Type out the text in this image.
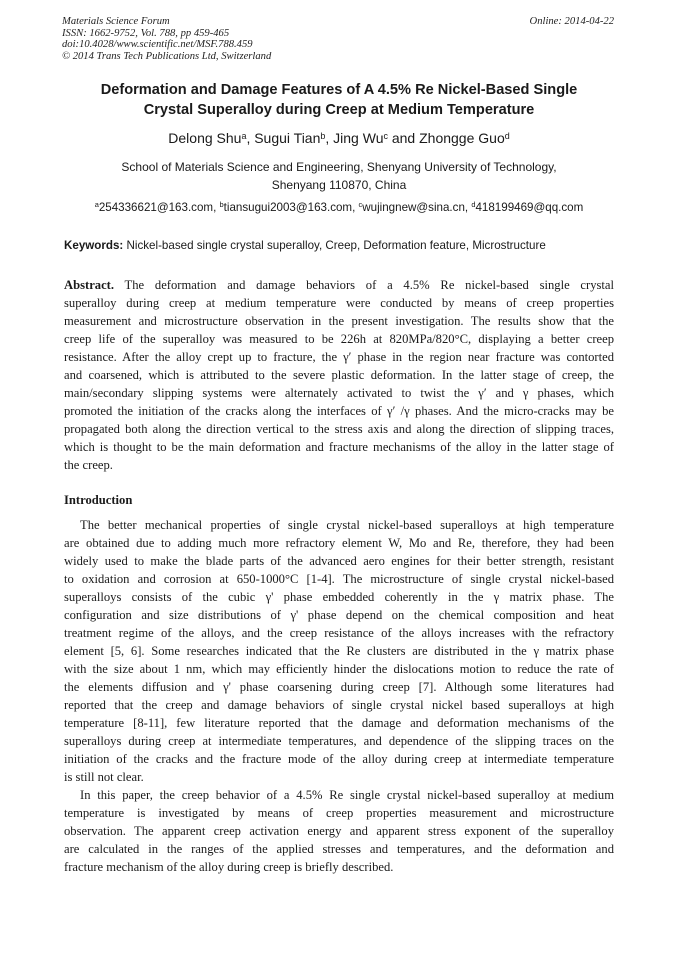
Materials Science Forum
ISSN: 1662-9752, Vol. 788, pp 459-465
doi:10.4028/www.scientific.net/MSF.788.459
© 2014 Trans Tech Publications Ltd, Switzerland
Online: 2014-04-22
Deformation and Damage Features of A 4.5% Re Nickel-Based Single
Crystal Superalloy during Creep at Medium Temperature
Delong Shu$^a$, Sugui Tian$^b$, Jing Wu$^c$ and Zhongge Guo$^d$
School of Materials Science and Engineering, Shenyang University of Technology,
Shenyang 110870, China
$^a$254336621@163.com, $^b$tiansugui2003@163.com, $^c$wujingnew@sina.cn, $^d$418199469@qq.com
Keywords: Nickel-based single crystal superalloy, Creep, Deformation feature, Microstructure
Abstract. The deformation and damage behaviors of a 4.5% Re nickel-based single crystal
superalloy during creep at medium temperature were conducted by means of creep properties
measurement and microstructure observation in the present investigation. The results show that the
creep life of the superalloy was measured to be 226h at 820MPa/820°C, displaying a better creep
resistance. After the alloy crept up to fracture, the γ′ phase in the region near fracture was contorted
and coarsened, which is attributed to the severe plastic deformation. In the latter stage of creep, the
main/secondary slipping systems were alternately activated to twist the γ′ and γ phases, which
promoted the initiation of the cracks along the interfaces of γ′ /γ phases. And the micro-cracks may be
propagated both along the direction vertical to the stress axis and along the direction of slipping traces,
which is thought to be the main deformation and fracture mechanisms of the alloy in the latter stage of
the creep.
Introduction
The better mechanical properties of single crystal nickel-based superalloys at high temperature
are obtained due to adding much more refractory element W, Mo and Re, therefore, they had been
widely used to make the blade parts of the advanced aero engines for their better strength, resistant
to oxidation and corrosion at 650-1000°C [1-4]. The microstructure of single crystal nickel-based
superalloys consists of the cubic γ' phase embedded coherently in the γ matrix phase. The
configuration and size distributions of γ' phase depend on the chemical composition and heat
treatment regime of the alloys, and the creep resistance of the alloys increases with the refractory
element [5, 6]. Some researches indicated that the Re clusters are distributed in the γ matrix phase
with the size about 1 nm, which may efficiently hinder the dislocations motion to reduce the rate of
the elements diffusion and γ' phase coarsening during creep [7]. Although some literatures had
reported that the creep and damage behaviors of single crystal nickel based superalloys at high
temperature [8-11], few literature reported that the damage and deformation mechanisms of the
superalloys during creep at intermediate temperatures, and dependence of the slipping traces on the
initiation of the cracks and the fracture mode of the alloy during creep at intermediate temperature
is still not clear.
In this paper, the creep behavior of a 4.5% Re single crystal nickel-based superalloy at medium
temperature is investigated by means of creep properties measurement and microstructure
observation. The apparent creep activation energy and apparent stress exponent of the superalloy
are calculated in the ranges of the applied stresses and temperatures, and the deformation and
fracture mechanism of the alloy during creep is briefly described.
